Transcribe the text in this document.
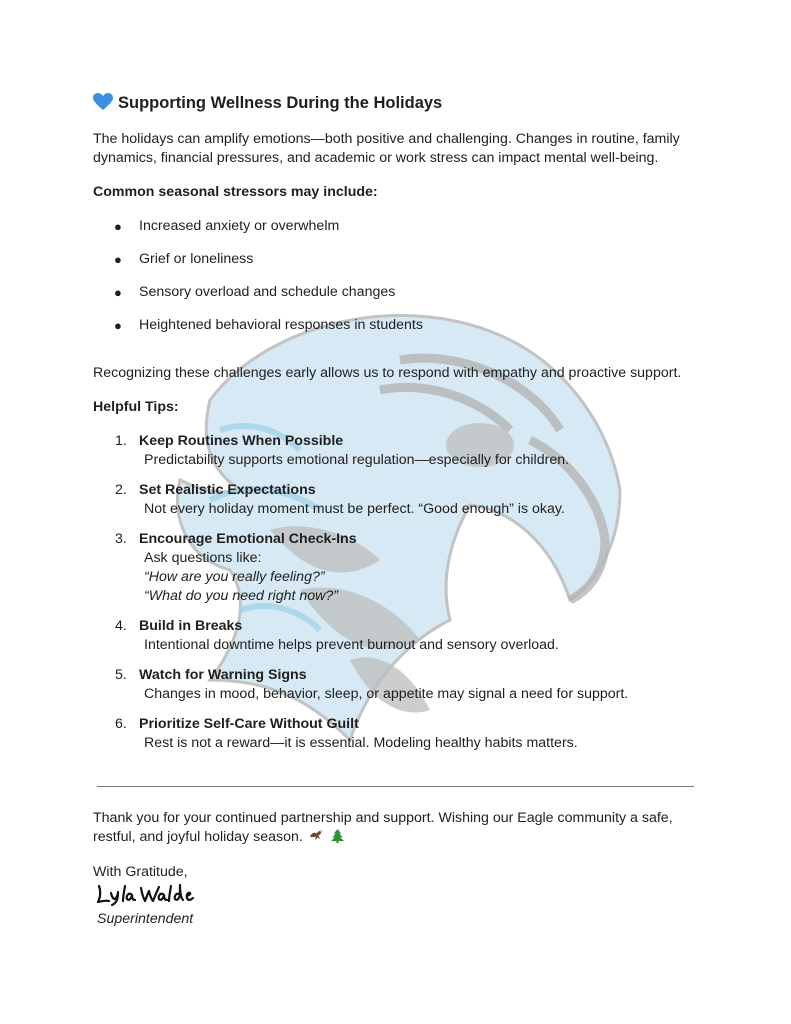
Supporting Wellness During the Holidays
The holidays can amplify emotions—both positive and challenging. Changes in routine, family dynamics, financial pressures, and academic or work stress can impact mental well-being.
Common seasonal stressors may include:
● Increased anxiety or overwhelm
● Grief or loneliness
● Sensory overload and schedule changes
● Heightened behavioral responses in students
Recognizing these challenges early allows us to respond with empathy and proactive support.
Helpful Tips:
1. Keep Routines When Possible
Predictability supports emotional regulation—especially for children.
2. Set Realistic Expectations
Not every holiday moment must be perfect. “Good enough” is okay.
3. Encourage Emotional Check-Ins
Ask questions like:
“How are you really feeling?”
“What do you need right now?”
4. Build in Breaks
Intentional downtime helps prevent burnout and sensory overload.
5. Watch for Warning Signs
Changes in mood, behavior, sleep, or appetite may signal a need for support.
6. Prioritize Self-Care Without Guilt
Rest is not a reward—it is essential. Modeling healthy habits matters.
Thank you for your continued partnership and support. Wishing our Eagle community a safe, restful, and joyful holiday season.
With Gratitude,
Superintendent
